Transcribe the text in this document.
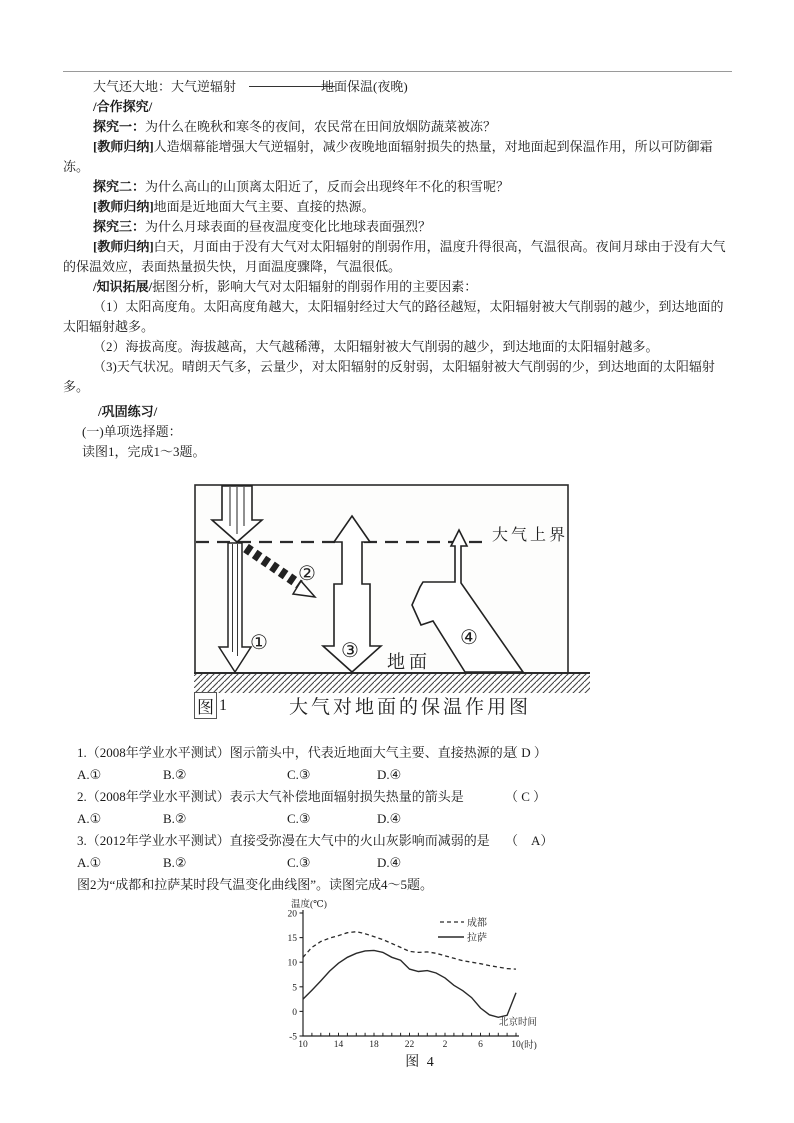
大气还大地：大气逆辐射　	地面保温(夜晚)

/合作探究/

探究一：为什么在晚秋和寒冬的夜间，农民常在田间放烟防蔬菜被冻？

[教师归纳]人造烟幕能增强大气逆辐射，减少夜晚地面辐射损失的热量，对地面起到保温作用，所以可防御霜冻。

探究二：为什么高山的山顶离太阳近了，反而会出现终年不化的积雪呢？

[教师归纳]地面是近地面大气主要、直接的热源。

探究三：为什么月球表面的昼夜温度变化比地球表面强烈？

[教师归纳]白天，月面由于没有大气对太阳辐射的削弱作用，温度升得很高，气温很高。夜间月球由于没有大气的保温效应，表面热量损失快，月面温度骤降，气温很低。

/知识拓展/据图分析，影响大气对太阳辐射的削弱作用的主要因素：

（1）太阳高度角。太阳高度角越大，太阳辐射经过大气的路径越短，太阳辐射被大气削弱的越少，到达地面的太阳辐射越多。

（2）海拔高度。海拔越高，大气越稀薄，太阳辐射被大气削弱的越少，到达地面的太阳辐射越多。

（3)天气状况。晴朗天气多，云量少，对太阳辐射的反射弱，太阳辐射被大气削弱的少，到达地面的太阳辐射多。

/巩固练习/

(一)单项选择题：

读图1，完成1～3题。

大气上界
地面
①
②
③
④
图 1	大气对地面的保温作用图
1.（2008年学业水平测试）图示箭头中，代表近地面大气主要、直接热源的是
（ D ）
A.①	B.②	C.③	D.④
2.（2008年学业水平测试）表示大气补偿地面辐射损失热量的箭头是	（ C ）
A.①	B.②	C.③	D.④
3.（2012年学业水平测试）直接受弥漫在大气中的火山灰影响而减弱的是 （　A）
A.①	B.②	C.③	D.④
图2为“成都和拉萨某时段气温变化曲线图”。读图完成4～5题。
温度(℃)
20
15
10
5
0
-5
10	14	18	22	2	6	10
成都
拉萨
北京时间
(时)
图 4
